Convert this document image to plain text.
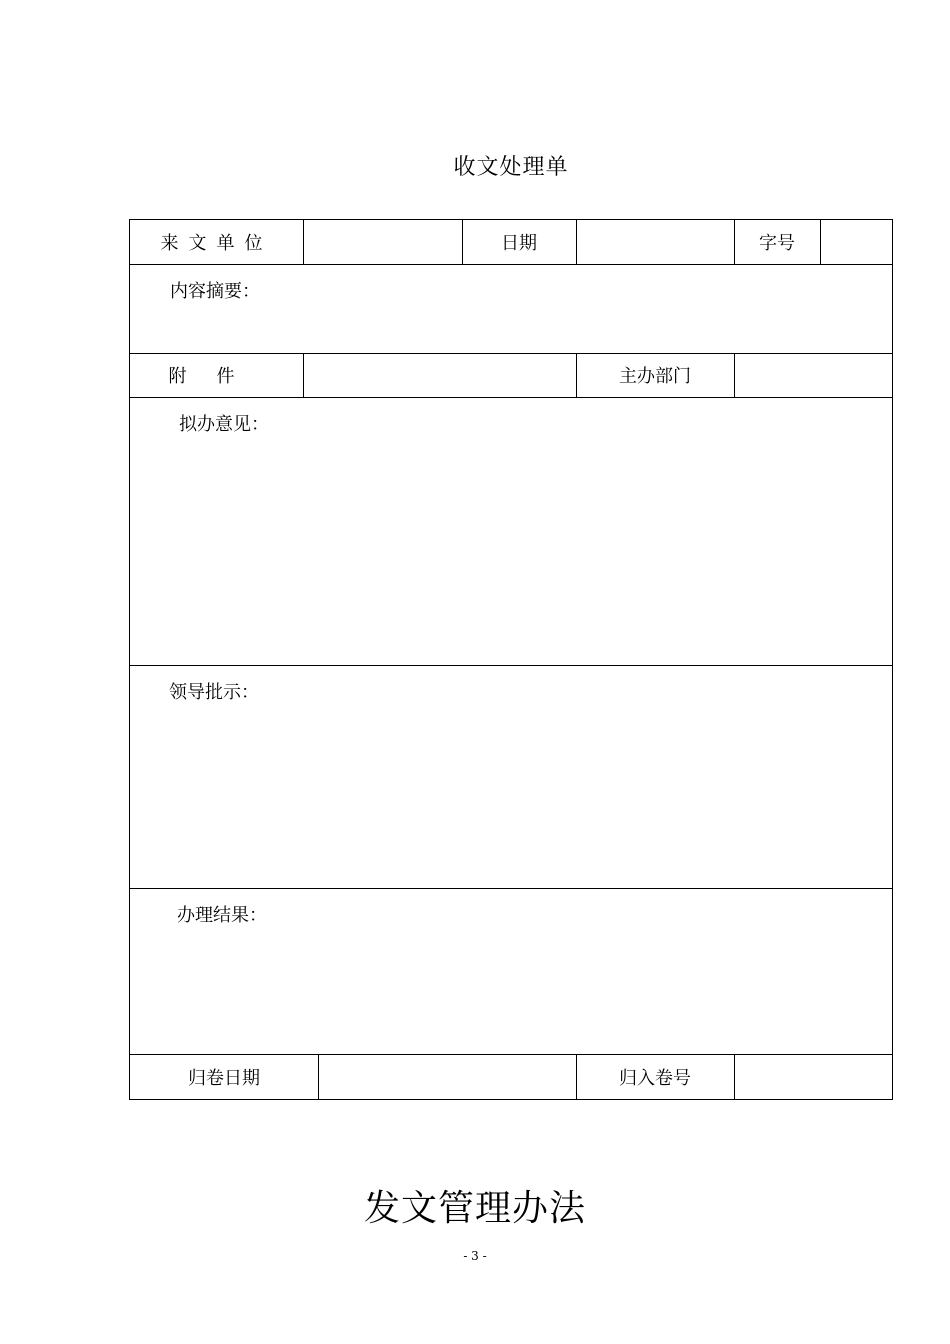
收文处理单
来文单位	日期	字号
内容摘要：
附件	主办部门
拟办意见：
领导批示：
办理结果：
归卷日期	归入卷号
发文管理办法
- 3 -
